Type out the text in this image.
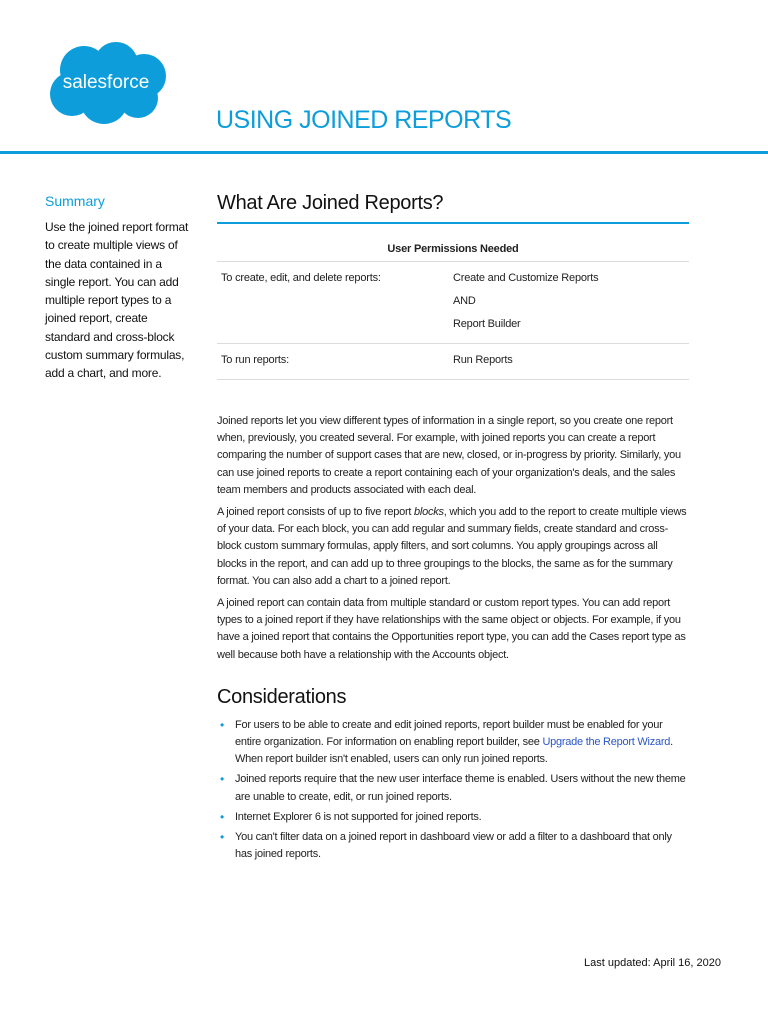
salesforce
USING JOINED REPORTS
Summary

Use the joined report format to create multiple views of the data contained in a single report. You can add multiple report types to a joined report, create standard and cross-block custom summary formulas, add a chart, and more.

What Are Joined Reports?
User Permissions Needed	
To create, edit, and delete reports:	Create and Customize Reports
AND
Report Builder

To run reports:	Run Reports

Joined reports let you view different types of information in a single report, so you create one report when, previously, you created several. For example, with joined reports you can create a report comparing the number of support cases that are new, closed, or in-progress by priority. Similarly, you can use joined reports to create a report containing each of your organization's deals, and the sales team members and products associated with each deal.

A joined report consists of up to five report blocks, which you add to the report to create multiple views of your data. For each block, you can add regular and summary fields, create standard and cross-block custom summary formulas, apply filters, and sort columns. You apply groupings across all blocks in the report, and can add up to three groupings to the blocks, the same as for the summary format. You can also add a chart to a joined report.

A joined report can contain data from multiple standard or custom report types. You can add report types to a joined report if they have relationships with the same object or objects. For example, if you have a joined report that contains the Opportunities report type, you can add the Cases report type as well because both have a relationship with the Accounts object.

Considerations
• For users to be able to create and edit joined reports, report builder must be enabled for your entire organization. For information on enabling report builder, see Upgrade the Report Wizard. When report builder isn't enabled, users can only run joined reports.
• Joined reports require that the new user interface theme is enabled. Users without the new theme are unable to create, edit, or run joined reports.
• Internet Explorer 6 is not supported for joined reports.
• You can't filter data on a joined report in dashboard view or add a filter to a dashboard that only has joined reports.
Last updated: April 16, 2020
